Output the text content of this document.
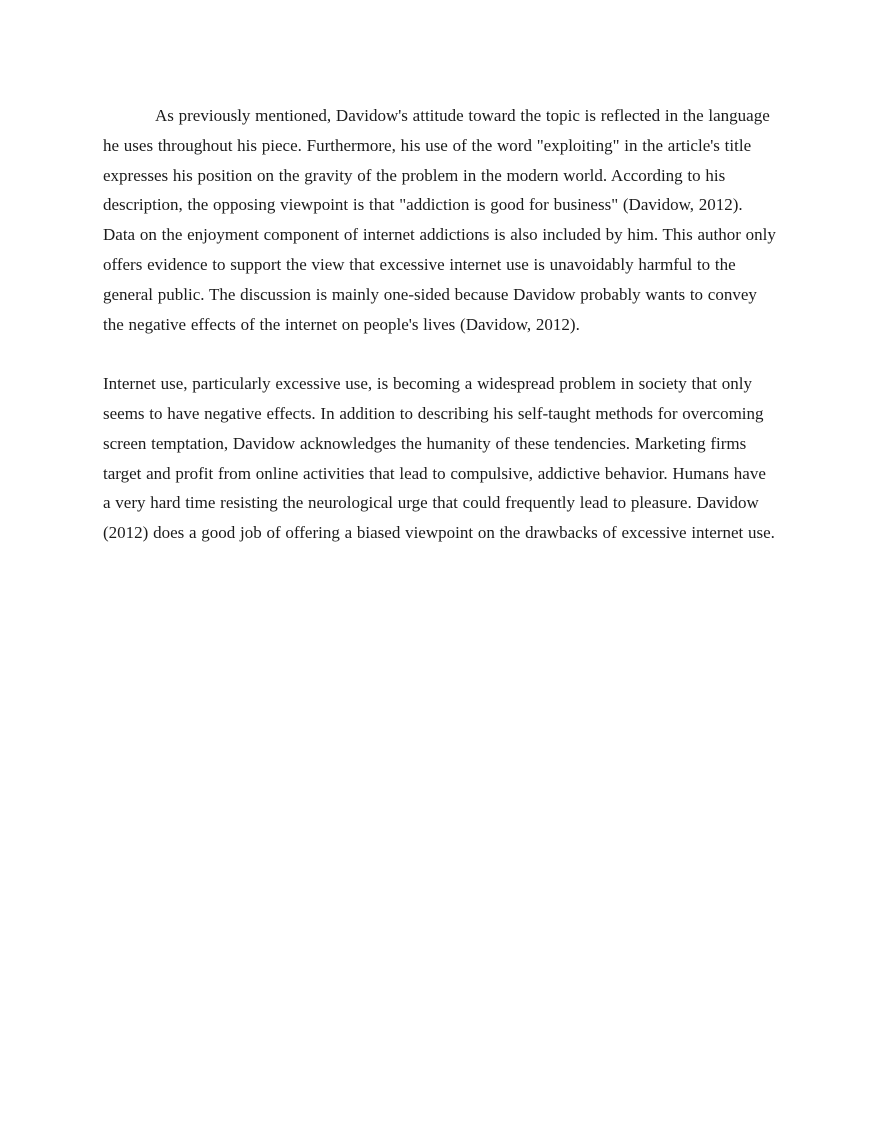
As previously mentioned, Davidow's attitude toward the topic is reflected in the language he uses throughout his piece. Furthermore, his use of the word "exploiting" in the article's title expresses his position on the gravity of the problem in the modern world. According to his description, the opposing viewpoint is that "addiction is good for business" (Davidow, 2012). Data on the enjoyment component of internet addictions is also included by him. This author only offers evidence to support the view that excessive internet use is unavoidably harmful to the general public. The discussion is mainly one-sided because Davidow probably wants to convey the negative effects of the internet on people's lives (Davidow, 2012).

Internet use, particularly excessive use, is becoming a widespread problem in society that only seems to have negative effects. In addition to describing his self-taught methods for overcoming screen temptation, Davidow acknowledges the humanity of these tendencies. Marketing firms target and profit from online activities that lead to compulsive, addictive behavior. Humans have a very hard time resisting the neurological urge that could frequently lead to pleasure. Davidow (2012) does a good job of offering a biased viewpoint on the drawbacks of excessive internet use.
